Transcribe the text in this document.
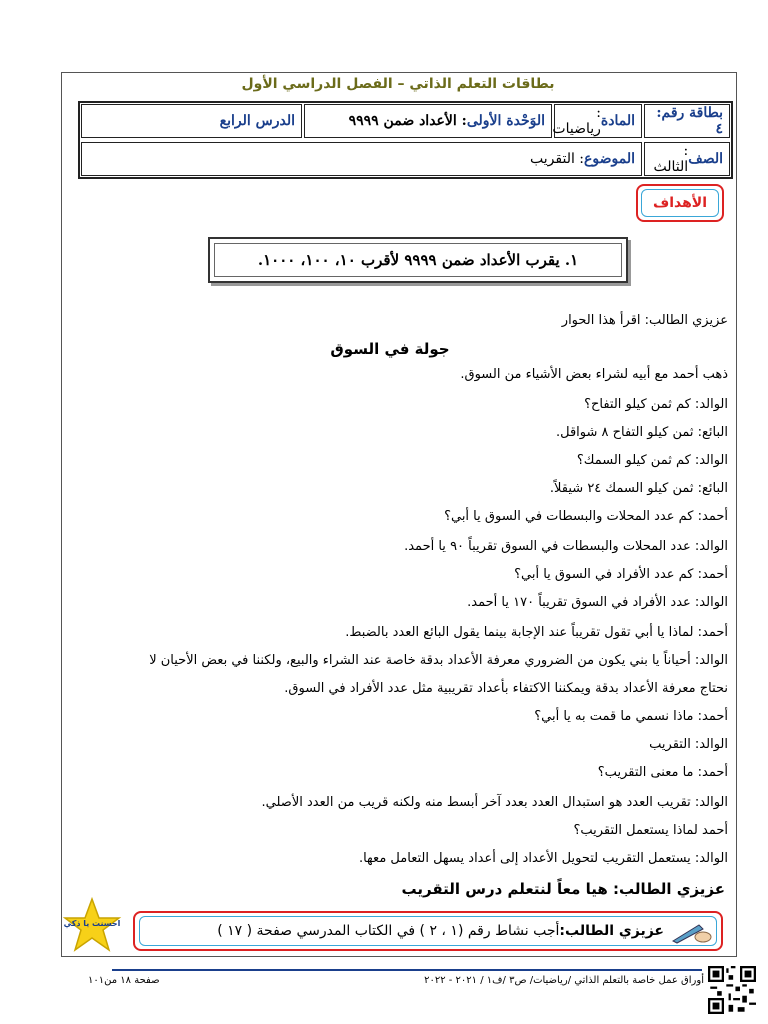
بطاقات التعلم الذاتي – الفصل الدراسي الأول
بطاقة رقم: ٤
المادة
: رياضيات
الوَحْدة الأولى
: الأعداد ضمن ٩٩٩٩
الدرس الرابع
الصف
: الثالث
الموضوع
: التقريب
الأهداف
١. يقرب الأعداد ضمن ٩٩٩٩ لأقرب ١٠، ١٠٠، ١٠٠٠.
عزيزي الطالب: اقرأ هذا الحوار
جولة في السوق
ذهب أحمد مع أبيه لشراء بعض الأشياء من السوق.
الوالد: كم ثمن كيلو التفاح؟
البائع: ثمن كيلو التفاح ٨ شواقل.
الوالد: كم ثمن كيلو السمك؟
البائع: ثمن كيلو السمك ٢٤ شيقلاً.
أحمد: كم عدد المحلات والبسطات في السوق يا أبي؟
الوالد: عدد المحلات والبسطات في السوق تقريباً ٩٠ يا أحمد.
أحمد: كم عدد الأفراد في السوق يا أبي؟
الوالد: عدد الأفراد في السوق تقريباً ١٧٠ يا أحمد.
أحمد: لماذا يا أبي تقول تقريباً عند الإجابة بينما يقول البائع العدد بالضبط.
الوالد: أحياناً يا بني يكون من الضروري معرفة الأعداد بدقة خاصة عند الشراء والبيع، ولكننا في بعض الأحيان لا
نحتاج معرفة الأعداد بدقة ويمكننا الاكتفاء بأعداد تقريبية مثل عدد الأفراد في السوق.
أحمد: ماذا نسمي ما قمت به يا أبي؟
الوالد: التقريب
أحمد: ما معنى التقريب؟
الوالد: تقريب العدد هو استبدال العدد بعدد آخر أبسط منه ولكنه قريب من العدد الأصلي.
أحمد لماذا يستعمل التقريب؟
الوالد: يستعمل التقريب لتحويل الأعداد إلى أعداد يسهل التعامل معها.
عزيزي الطالب: هيا معاً لنتعلم درس التقريب
عزيزي الطالب:
أجب نشاط رقم (١ ، ٢ ) في الكتاب المدرسي صفحة ( ١٧ )
احسنت يا ذكي
صفحة ١٨ من١٠١	أوراق عمل خاصة بالتعلم الذاتي /رياضيات/ ص٣ /ف١ / ٢٠٢١ - ٢٠٢٢
